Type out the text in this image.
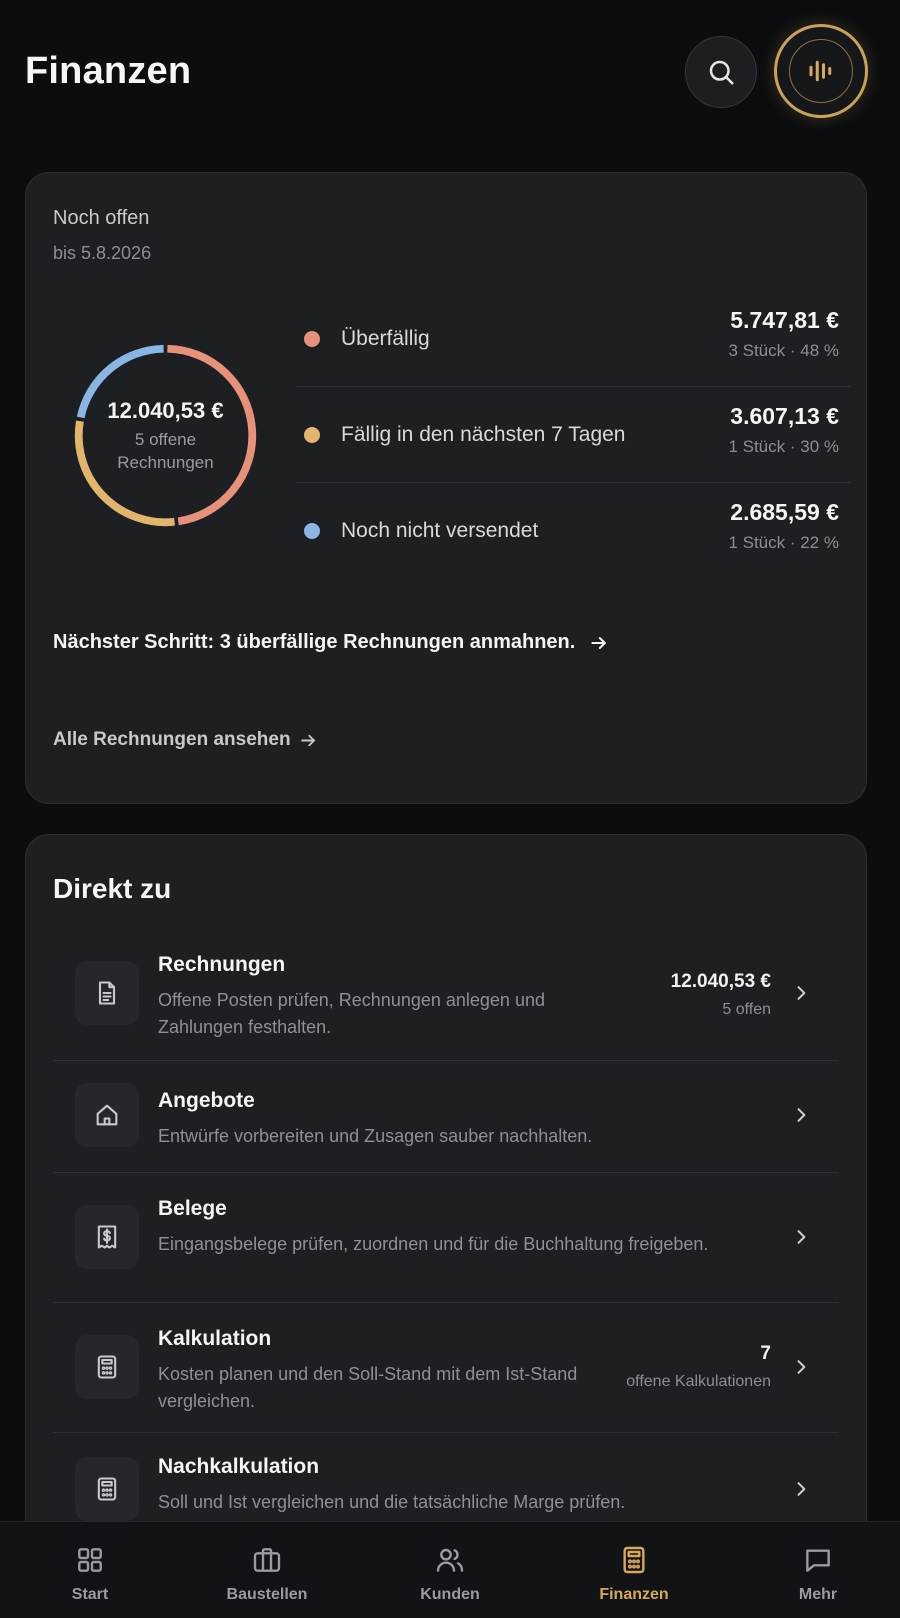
Finanzen
Noch offen
bis 5.8.2026
12.040,53 €
5 offene
Rechnungen
Überfällig
5.747,81 €
3 Stück · 48 %
Fällig in den nächsten 7 Tagen
3.607,13 €
1 Stück · 30 %
Noch nicht versendet
2.685,59 €
1 Stück · 22 %
Nächster Schritt: 3 überfällige Rechnungen anmahnen.
Alle Rechnungen ansehen
Direkt zu
Rechnungen
Offene Posten prüfen, Rechnungen anlegen und Zahlungen festhalten.
12.040,53 €
5 offen
Angebote
Entwürfe vorbereiten und Zusagen sauber nachhalten.
Belege
Eingangsbelege prüfen, zuordnen und für die Buchhaltung freigeben.
Kalkulation
Kosten planen und den Soll-Stand mit dem Ist-Stand vergleichen.
7
offene Kalkulationen
Nachkalkulation
Soll und Ist vergleichen und die tatsächliche Marge prüfen.
Start	Baustellen	Kunden	Finanzen	Mehr
